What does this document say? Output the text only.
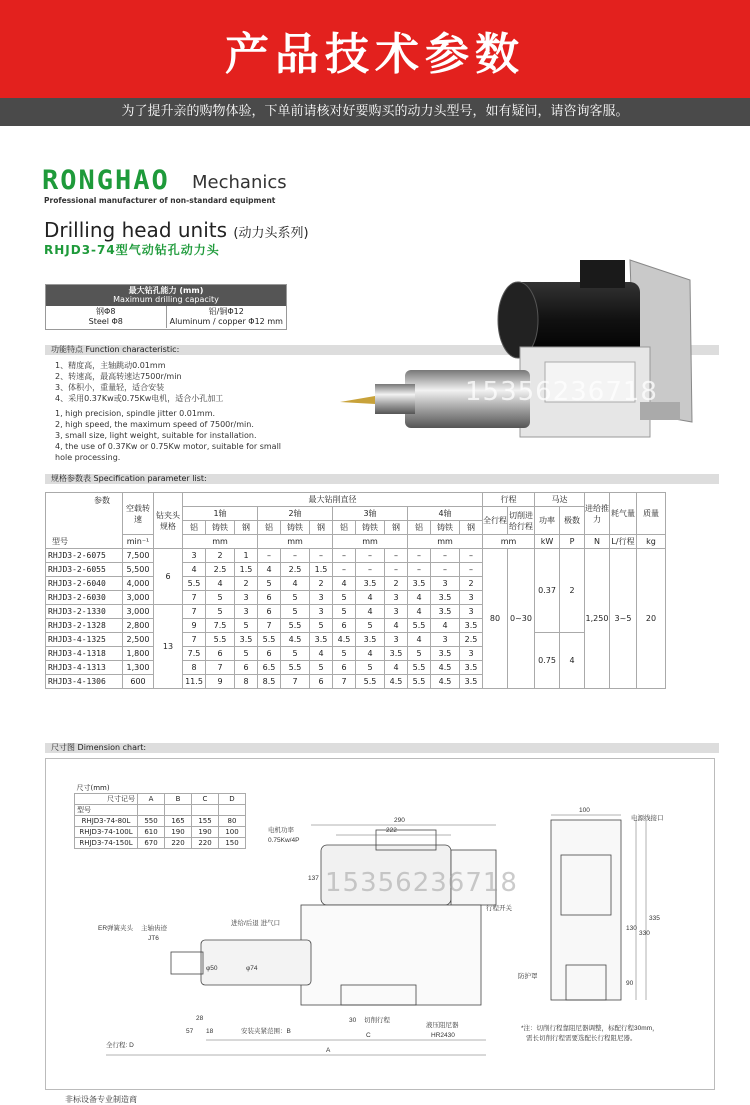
产品技术参数
为了提升亲的购物体验，下单前请核对好要购买的动力头型号，如有疑问，请咨询客服。
RONGHAO Mechanics
Professional manufacturer of non-standard equipment
Drilling head units (动力头系列)
RHJD3-74型气动钻孔动力头
最大钻孔能力 (mm)
Maximum drilling capacity
钢Φ8
Steel Φ8
铝/铜Φ12
Aluminum / copper Φ12 mm
功能特点 Function characteristic:
1、精度高，主轴跳动0.01mm
2、转速高，最高转速达7500r/min
3、体积小，重量轻，适合安装
4、采用0.37Kw或0.75Kw电机，适合小孔加工
1, high precision, spindle jitter 0.01mm.
2, high speed, the maximum speed of 7500r/min.
3, small size, light weight, suitable for installation.
4, the use of 0.37Kw or 0.75Kw motor, suitable for small hole processing.
15356236718
规格参数表 Specification parameter list:
参数
型号	空载转速	钻夹头规格	最大钻削直径												行程		马达		进给推力	耗气量	质量
			1轴			2轴			3轴			4轴			全行程	切削进给行程	功率	极数			
			铝	铸铁	钢	铝	铸铁	钢	铝	铸铁	钢	铝	铸铁	钢							
	min⁻¹		mm			mm			mm			mm			mm		kW	P	N	L/行程	kg
RHJD3-2-6075	7,500	6	3	2	1	–	–	–	–	–	–	–	–	–	80	0~30	0.37	2	1,250	3~5	20
RHJD3-2-6055	5,500		4	2.5	1.5	4	2.5	1.5	–	–	–	–	–	–							
RHJD3-2-6040	4,000		5.5	4	2	5	4	2	4	3.5	2	3.5	3	2							
RHJD3-2-6030	3,000		7	5	3	6	5	3	5	4	3	4	3.5	3							
RHJD3-2-1330	3,000	13	7	5	3	6	5	3	5	4	3	4	3.5	3							
RHJD3-2-1328	2,800		9	7.5	5	7	5.5	5	6	5	4	5.5	4	3.5							
RHJD3-4-1325	2,500		7	5.5	3.5	5.5	4.5	3.5	4.5	3.5	3	4	3	2.5			0.75	4			
RHJD3-4-1318	1,800		7.5	6	5	6	5	4	5	4	3.5	5	3.5	3							
RHJD3-4-1313	1,300		8	7	6	6.5	5.5	5	6	5	4	5.5	4.5	3.5							
RHJD3-4-1306	600		11.5	9	8	8.5	7	6	7	5.5	4.5	5.5	4.5	3.5							
尺寸图 Dimension chart:
290
222
100
137
335
330
130
90
电机功率
0.75Kw/4P
ER弹簧夹头 主轴齿迹
JT6
进给/后退 进气口
行程开关
电源线接口
防护罩
φ50	φ74
57 18
28	30
安装夹紧范围：B
切削行程
液压阻尼器
HR2430
全行程: D
A
C
*注：切削行程靠阻尼器调整，标配行程30mm，
需长切削行程需要选配长行程阻尼器。
尺寸(mm)				
尺寸记号	A	B	C	D
型号				
RHJD3-74-80L	550	165	155	80
RHJD3-74-100L	610	190	190	100
RHJD3-74-150L	670	220	220	150
15356236718
非标设备专业制造商
